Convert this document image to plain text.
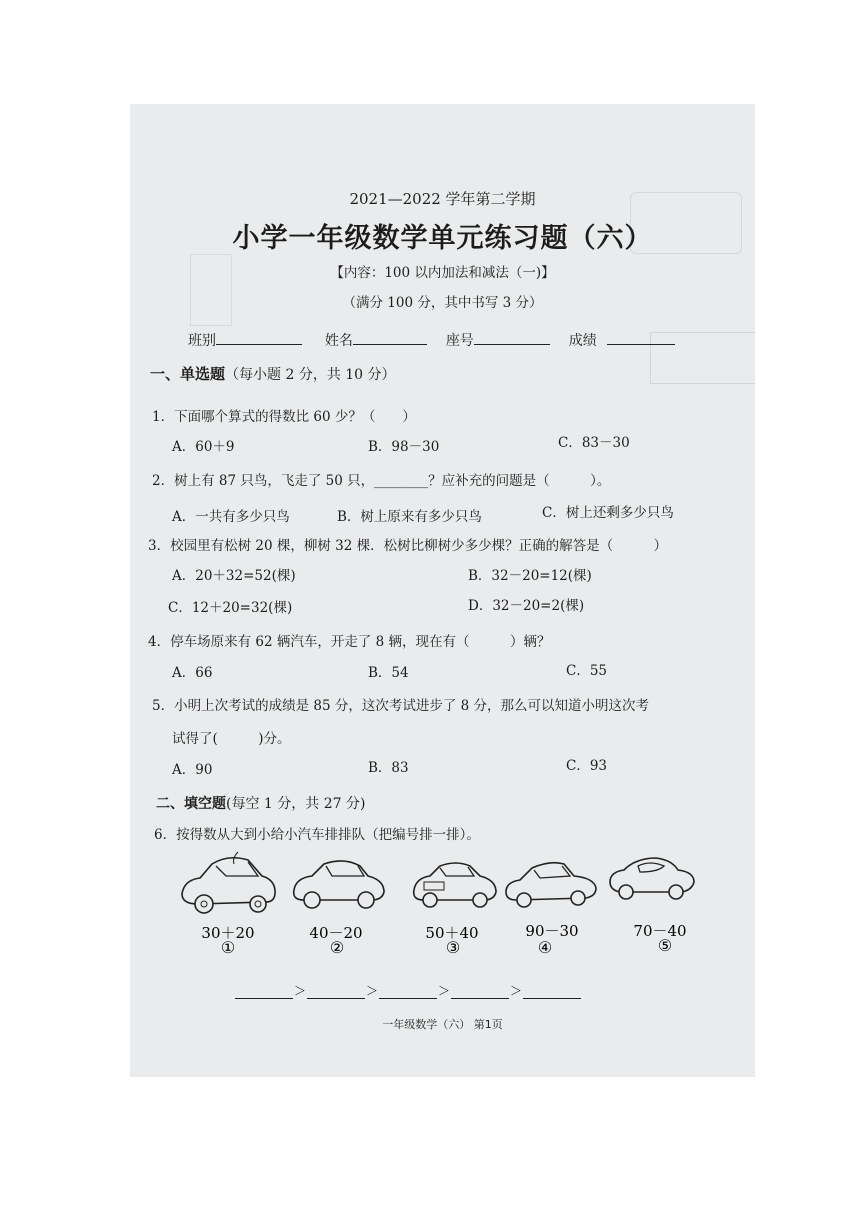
2021—2022 学年第二学期
小学一年级数学单元练习题（六）
【内容：100 以内加法和减法（一)】
（满分 100 分，其中书写 3 分）
班别	姓名	座号	成绩
一、单选题（每小题 2 分，共 10 分）
1．下面哪个算式的得数比 60 少？（　　）
A．60＋9	B．98－30	C．83－30
2．树上有 87 只鸟，飞走了 50 只，________？应补充的问题是（　　　）。
A．一共有多少只鸟	B．树上原来有多少只鸟	C．树上还剩多少只鸟
3．校园里有松树 20 棵，柳树 32 棵．松树比柳树少多少棵？正确的解答是（　　　）
A．20＋32=52(棵)	B．32－20=12(棵)
C．12＋20=32(棵)	D．32－20=2(棵)
4．停车场原来有 62 辆汽车，开走了 8 辆，现在有（　　　）辆？
A．66	B．54	C．55
5．小明上次考试的成绩是 85 分，这次考试进步了 8 分，那么可以知道小明这次考
试得了(　　　)分。
A．90	B．83	C．93
二、填空题(每空 1 分，共 27 分)
6．按得数从大到小给小汽车排排队（把编号排一排）。
30＋20
①
40－20
②
50＋40
③
90－30
④
70－40
⑤
＞	＞	＞	＞
一年级数学（六） 第1页
